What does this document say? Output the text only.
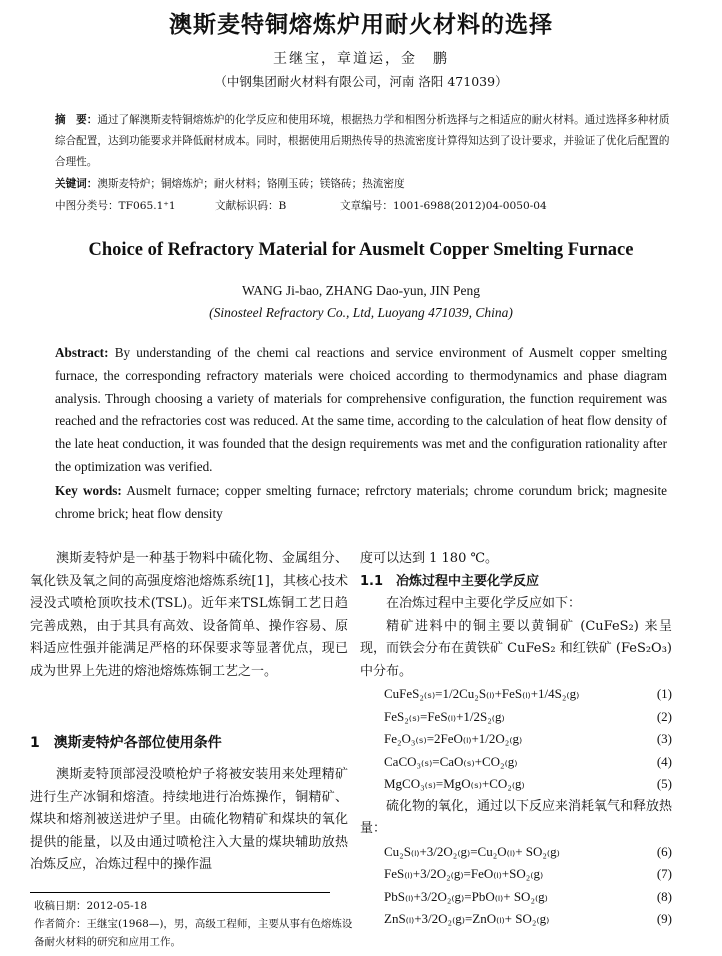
澳斯麦特铜熔炼炉用耐火材料的选择
王继宝，章道运，金　鹏
（中钢集团耐火材料有限公司，河南 洛阳 471039）
摘　要：通过了解澳斯麦特铜熔炼炉的化学反应和使用环境，根据热力学和相图分析选择与之相适应的耐火材料。通过选择多种材质综合配置，达到功能要求并降低耐材成本。同时，根据使用后期热传导的热流密度计算得知达到了设计要求，并验证了优化后配置的合理性。
关键词：澳斯麦特炉；铜熔炼炉；耐火材料；铬刚玉砖；镁铬砖；热流密度
中图分类号：TF065.1⁺1	文献标识码：B	文章编号：1001-6988(2012)04-0050-04
Choice of Refractory Material for Ausmelt Copper Smelting Furnace
WANG Ji-bao, ZHANG Dao-yun, JIN Peng
(Sinosteel Refractory Co., Ltd, Luoyang 471039, China)
Abstract: By understanding of the chemi cal reactions and service environment of Ausmelt copper smelting furnace, the corresponding refractory materials were choiced according to thermodynamics and phase diagram analysis. Through choosing a variety of materials for comprehensive configuration, the function requirement was reached and the refractories cost was reduced. At the same time, according to the calculation of heat flow density of the late heat conduction, it was founded that the design requirements was met and the configuration rationality after the optimization was verified.
Key words: Ausmelt furnace; copper smelting furnace; refrctory materials; chrome corundum brick; magnesite chrome brick; heat flow density

澳斯麦特炉是一种基于物料中硫化物、金属组分、氧化铁及氧之间的高强度熔池熔炼系统[1]，其核心技术浸没式喷枪顶吹技术(TSL)。近年来TSL炼铜工艺日趋完善成熟，由于其具有高效、设备简单、操作容易、原料适应性强并能满足严格的环保要求等显著优点，现已成为世界上先进的熔池熔炼炼铜工艺之一。

1　澳斯麦特炉各部位使用条件

澳斯麦特顶部浸没喷枪炉子将被安装用来处理精矿进行生产冰铜和熔渣。持续地进行冶炼操作，铜精矿、煤块和熔剂被送进炉子里。由硫化物精矿和煤块的氧化提供的能量，以及由通过喷枪注入大量的煤块辅助放热冶炼反应，冶炼过程中的操作温

收稿日期：2012-05-18
作者简介：王继宝(1968—)，男，高级工程师，主要从事有色熔炼设备耐火材料的研究和应用工作。
度可以达到 1 180 ℃。
1.1　冶炼过程中主要化学反应

在冶炼过程中主要化学反应如下：

精矿进料中的铜主要以黄铜矿 (CuFeS₂) 来呈现，而铁会分布在黄铁矿 CuFeS₂ 和红铁矿 (FeS₂O₃) 中分布。

CuFeS₂₍ₛ₎=1/2Cu₂S₍ₗ₎+FeS₍ₗ₎+1/4S₂₍g₎	(1)
FeS₂₍ₛ₎=FeS₍ₗ₎+1/2S₂₍g₎	(2)
Fe₂O₃₍ₛ₎=2FeO₍ₗ₎+1/2O₂₍g₎	(3)
CaCO₃₍ₛ₎=CaO₍ₛ₎+CO₂₍g₎	(4)
MgCO₃₍ₛ₎=MgO₍ₛ₎+CO₂₍g₎	(5)

硫化物的氧化，通过以下反应来消耗氧气和释放热量：

Cu₂S₍ₗ₎+3/2O₂₍g₎=Cu₂O₍ₗ₎+ SO₂₍g₎	(6)
FeS₍ₗ₎+3/2O₂₍g₎=FeO₍ₗ₎+SO₂₍g₎	(7)
PbS₍ₗ₎+3/2O₂₍g₎=PbO₍ₗ₎+ SO₂₍g₎	(8)
ZnS₍ₗ₎+3/2O₂₍g₎=ZnO₍ₗ₎+ SO₂₍g₎	(9)
